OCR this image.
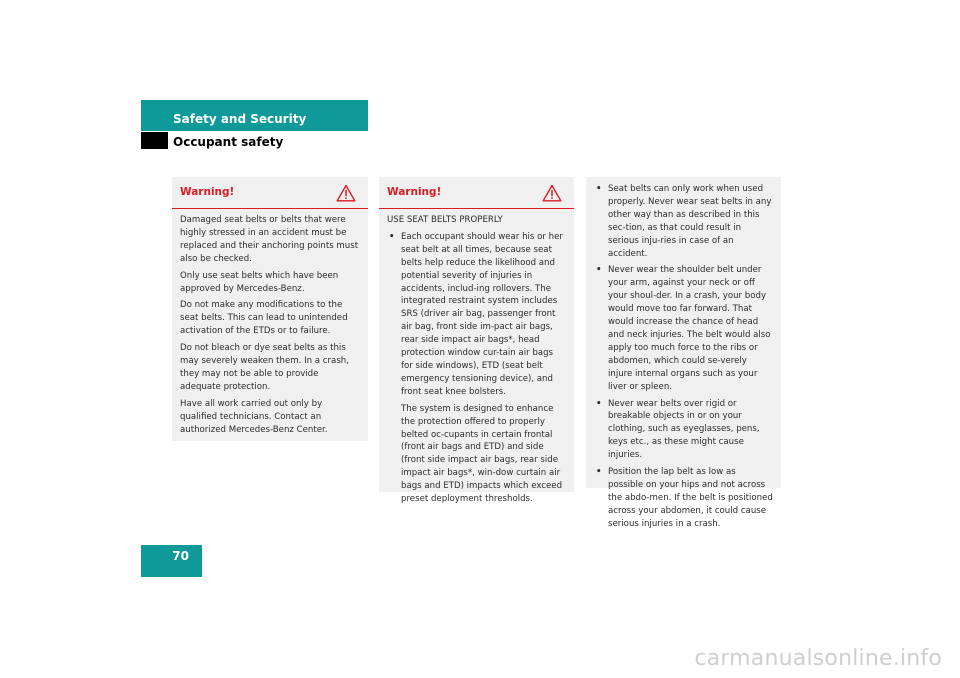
Safety and Security
Occupant safety
Warning!

Damaged seat belts or belts that were highly stressed in an accident must be replaced and their anchoring points must also be checked.

Only use seat belts which have been approved by Mercedes-Benz.

Do not make any modifications to the seat belts. This can lead to unintended activation of the ETDs or to failure.

Do not bleach or dye seat belts as this may severely weaken them. In a crash, they may not be able to provide adequate protection.

Have all work carried out only by qualified technicians. Contact an authorized Mercedes-Benz Center.

Warning!

USE SEAT BELTS PROPERLY

• Each occupant should wear his or her seat belt at all times, because seat belts help reduce the likelihood and potential severity of injuries in accidents, includ-ing rollovers. The integrated restraint system includes SRS (driver air bag, passenger front air bag, front side im-pact air bags, rear side impact air bags*, head protection window cur-tain air bags for side windows), ETD (seat belt emergency tensioning device), and front seat knee bolsters.

The system is designed to enhance the protection offered to properly belted oc-cupants in certain frontal (front air bags and ETD) and side (front side impact air bags, rear side impact air bags*, win-dow curtain air bags and ETD) impacts which exceed preset deployment thresholds.

• Seat belts can only work when used properly. Never wear seat belts in any other way than as described in this sec-tion, as that could result in serious inju-ries in case of an accident.
• Never wear the shoulder belt under your arm, against your neck or off your shoul-der. In a crash, your body would move too far forward. That would increase the chance of head and neck injuries. The belt would also apply too much force to the ribs or abdomen, which could se-verely injure internal organs such as your liver or spleen.
• Never wear belts over rigid or breakable objects in or on your clothing, such as eyeglasses, pens, keys etc., as these might cause injuries.
• Position the lap belt as low as possible on your hips and not across the abdo-men. If the belt is positioned across your abdomen, it could cause serious injuries in a crash.
70
carmanualsonline.info
